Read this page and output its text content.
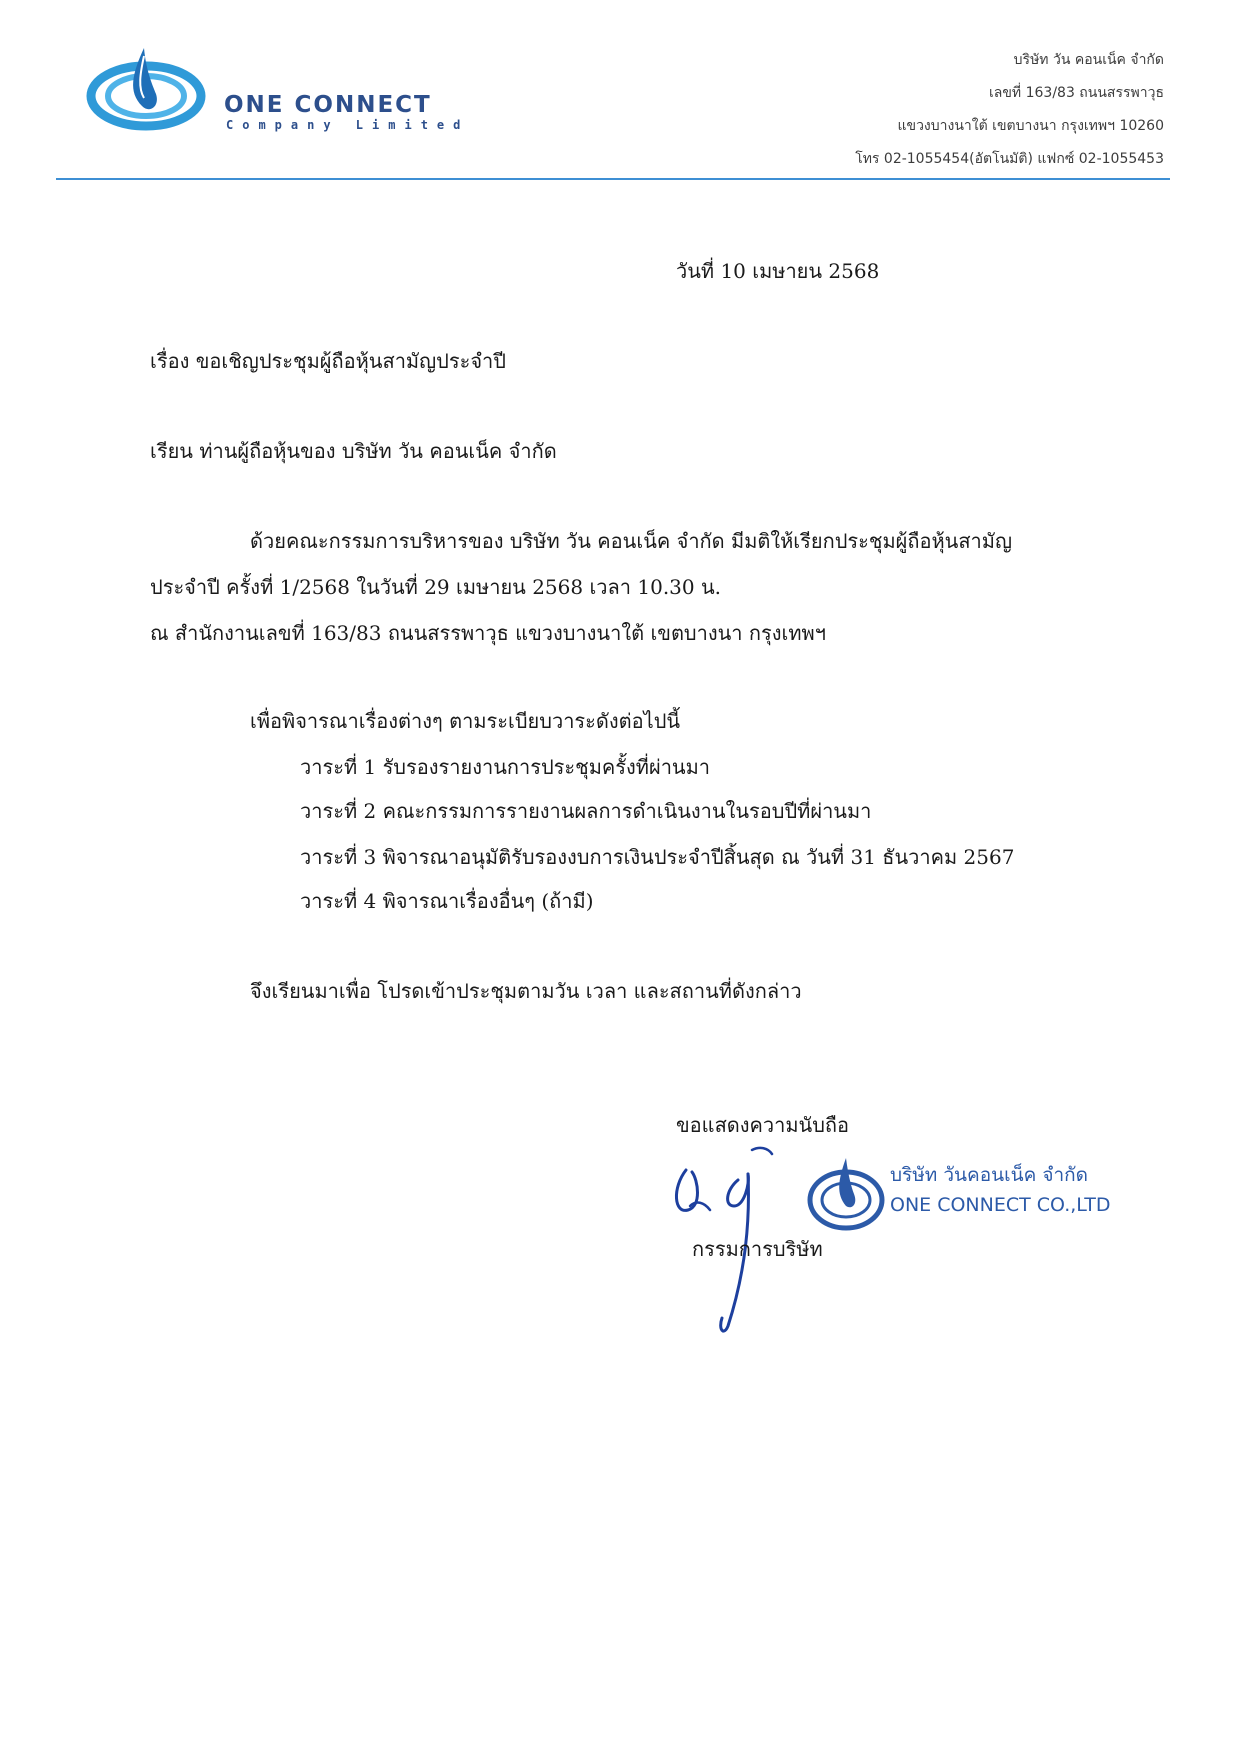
ONE CONNECT
Company Limited
บริษัท วัน คอนเน็ค จำกัด
เลขที่ 163/83 ถนนสรรพาวุธ
แขวงบางนาใต้ เขตบางนา กรุงเทพฯ 10260
โทร 02-1055454(อัตโนมัติ) แฟกซ์ 02-1055453
วันที่ 10 เมษายน 2568
เรื่อง ขอเชิญประชุมผู้ถือหุ้นสามัญประจำปี
เรียน ท่านผู้ถือหุ้นของ บริษัท วัน คอนเน็ค จำกัด
ด้วยคณะกรรมการบริหารของ บริษัท วัน คอนเน็ค จำกัด มีมติให้เรียกประชุมผู้ถือหุ้นสามัญ
ประจำปี ครั้งที่ 1/2568 ในวันที่ 29 เมษายน 2568 เวลา 10.30 น.
ณ สำนักงานเลขที่ 163/83 ถนนสรรพาวุธ แขวงบางนาใต้ เขตบางนา กรุงเทพฯ
เพื่อพิจารณาเรื่องต่างๆ ตามระเบียบวาระดังต่อไปนี้
วาระที่ 1 รับรองรายงานการประชุมครั้งที่ผ่านมา
วาระที่ 2 คณะกรรมการรายงานผลการดำเนินงานในรอบปีที่ผ่านมา
วาระที่ 3 พิจารณาอนุมัติรับรองงบการเงินประจำปีสิ้นสุด ณ วันที่ 31 ธันวาคม 2567
วาระที่ 4 พิจารณาเรื่องอื่นๆ (ถ้ามี)
จึงเรียนมาเพื่อ โปรดเข้าประชุมตามวัน เวลา และสถานที่ดังกล่าว
ขอแสดงความนับถือ
บริษัท วันคอนเน็ค จำกัด
ONE CONNECT CO.,LTD
กรรมการบริษัท
